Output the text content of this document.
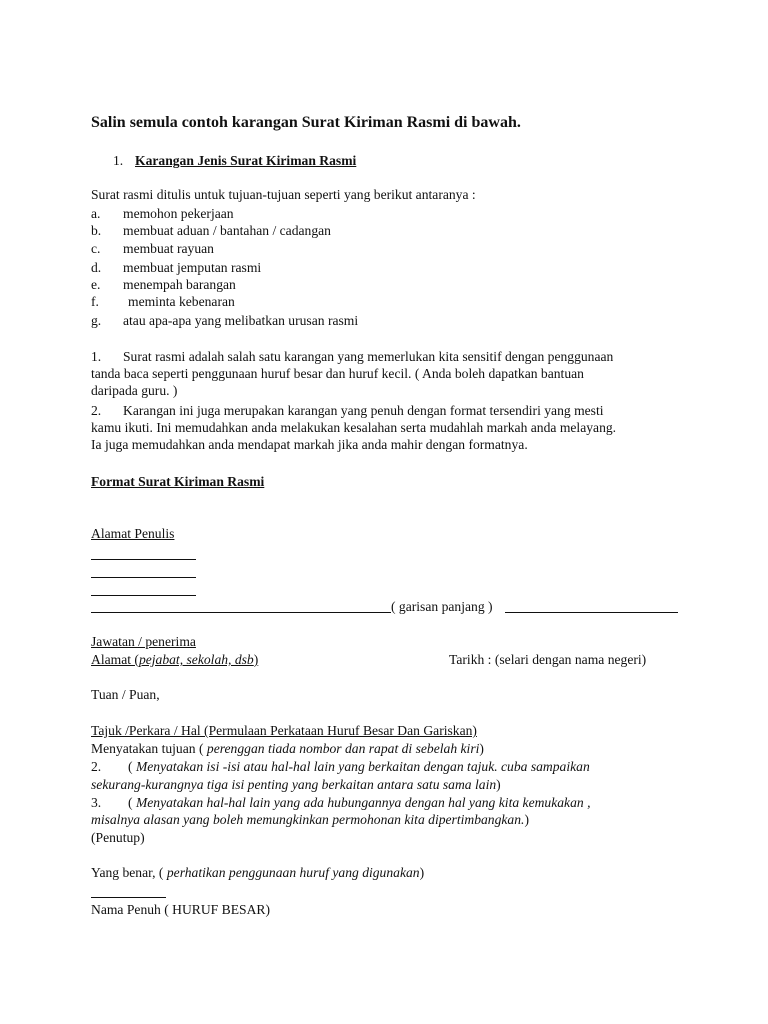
Salin semula contoh karangan Surat Kiriman Rasmi di bawah.
1. Karangan Jenis Surat Kiriman Rasmi
Surat rasmi ditulis untuk tujuan-tujuan seperti yang berikut antaranya :
a. memohon pekerjaan
b. membuat aduan / bantahan / cadangan
c. membuat rayuan
d. membuat jemputan rasmi
e. menempah barangan
f. meminta kebenaran
g. atau apa-apa yang melibatkan urusan rasmi
1. Surat rasmi adalah salah satu karangan yang memerlukan kita sensitif dengan penggunaan
tanda baca seperti penggunaan huruf besar dan huruf kecil. ( Anda boleh dapatkan bantuan
daripada guru. )
2. Karangan ini juga merupakan karangan yang penuh dengan format tersendiri yang mesti
kamu ikuti. Ini memudahkan anda melakukan kesalahan serta mudahlah markah anda melayang.
Ia juga memudahkan anda mendapat markah jika anda mahir dengan formatnya.
Format Surat Kiriman Rasmi
Alamat Penulis
( garisan panjang )
Jawatan / penerima
Alamat (pejabat, sekolah, dsb)	Tarikh : (selari dengan nama negeri)
Tuan / Puan,
Tajuk /Perkara / Hal (Permulaan Perkataan Huruf Besar Dan Gariskan)
Menyatakan tujuan ( perenggan tiada nombor dan rapat di sebelah kiri)
2. ( Menyatakan isi -isi atau hal-hal lain yang berkaitan dengan tajuk. cuba sampaikan
sekurang-kurangnya tiga isi penting yang berkaitan antara satu sama lain)
3. ( Menyatakan hal-hal lain yang ada hubungannya dengan hal yang kita kemukakan ,
misalnya alasan yang boleh memungkinkan permohonan kita dipertimbangkan.)
(Penutup)
Yang benar, ( perhatikan penggunaan huruf yang digunakan)
Nama Penuh ( HURUF BESAR)
